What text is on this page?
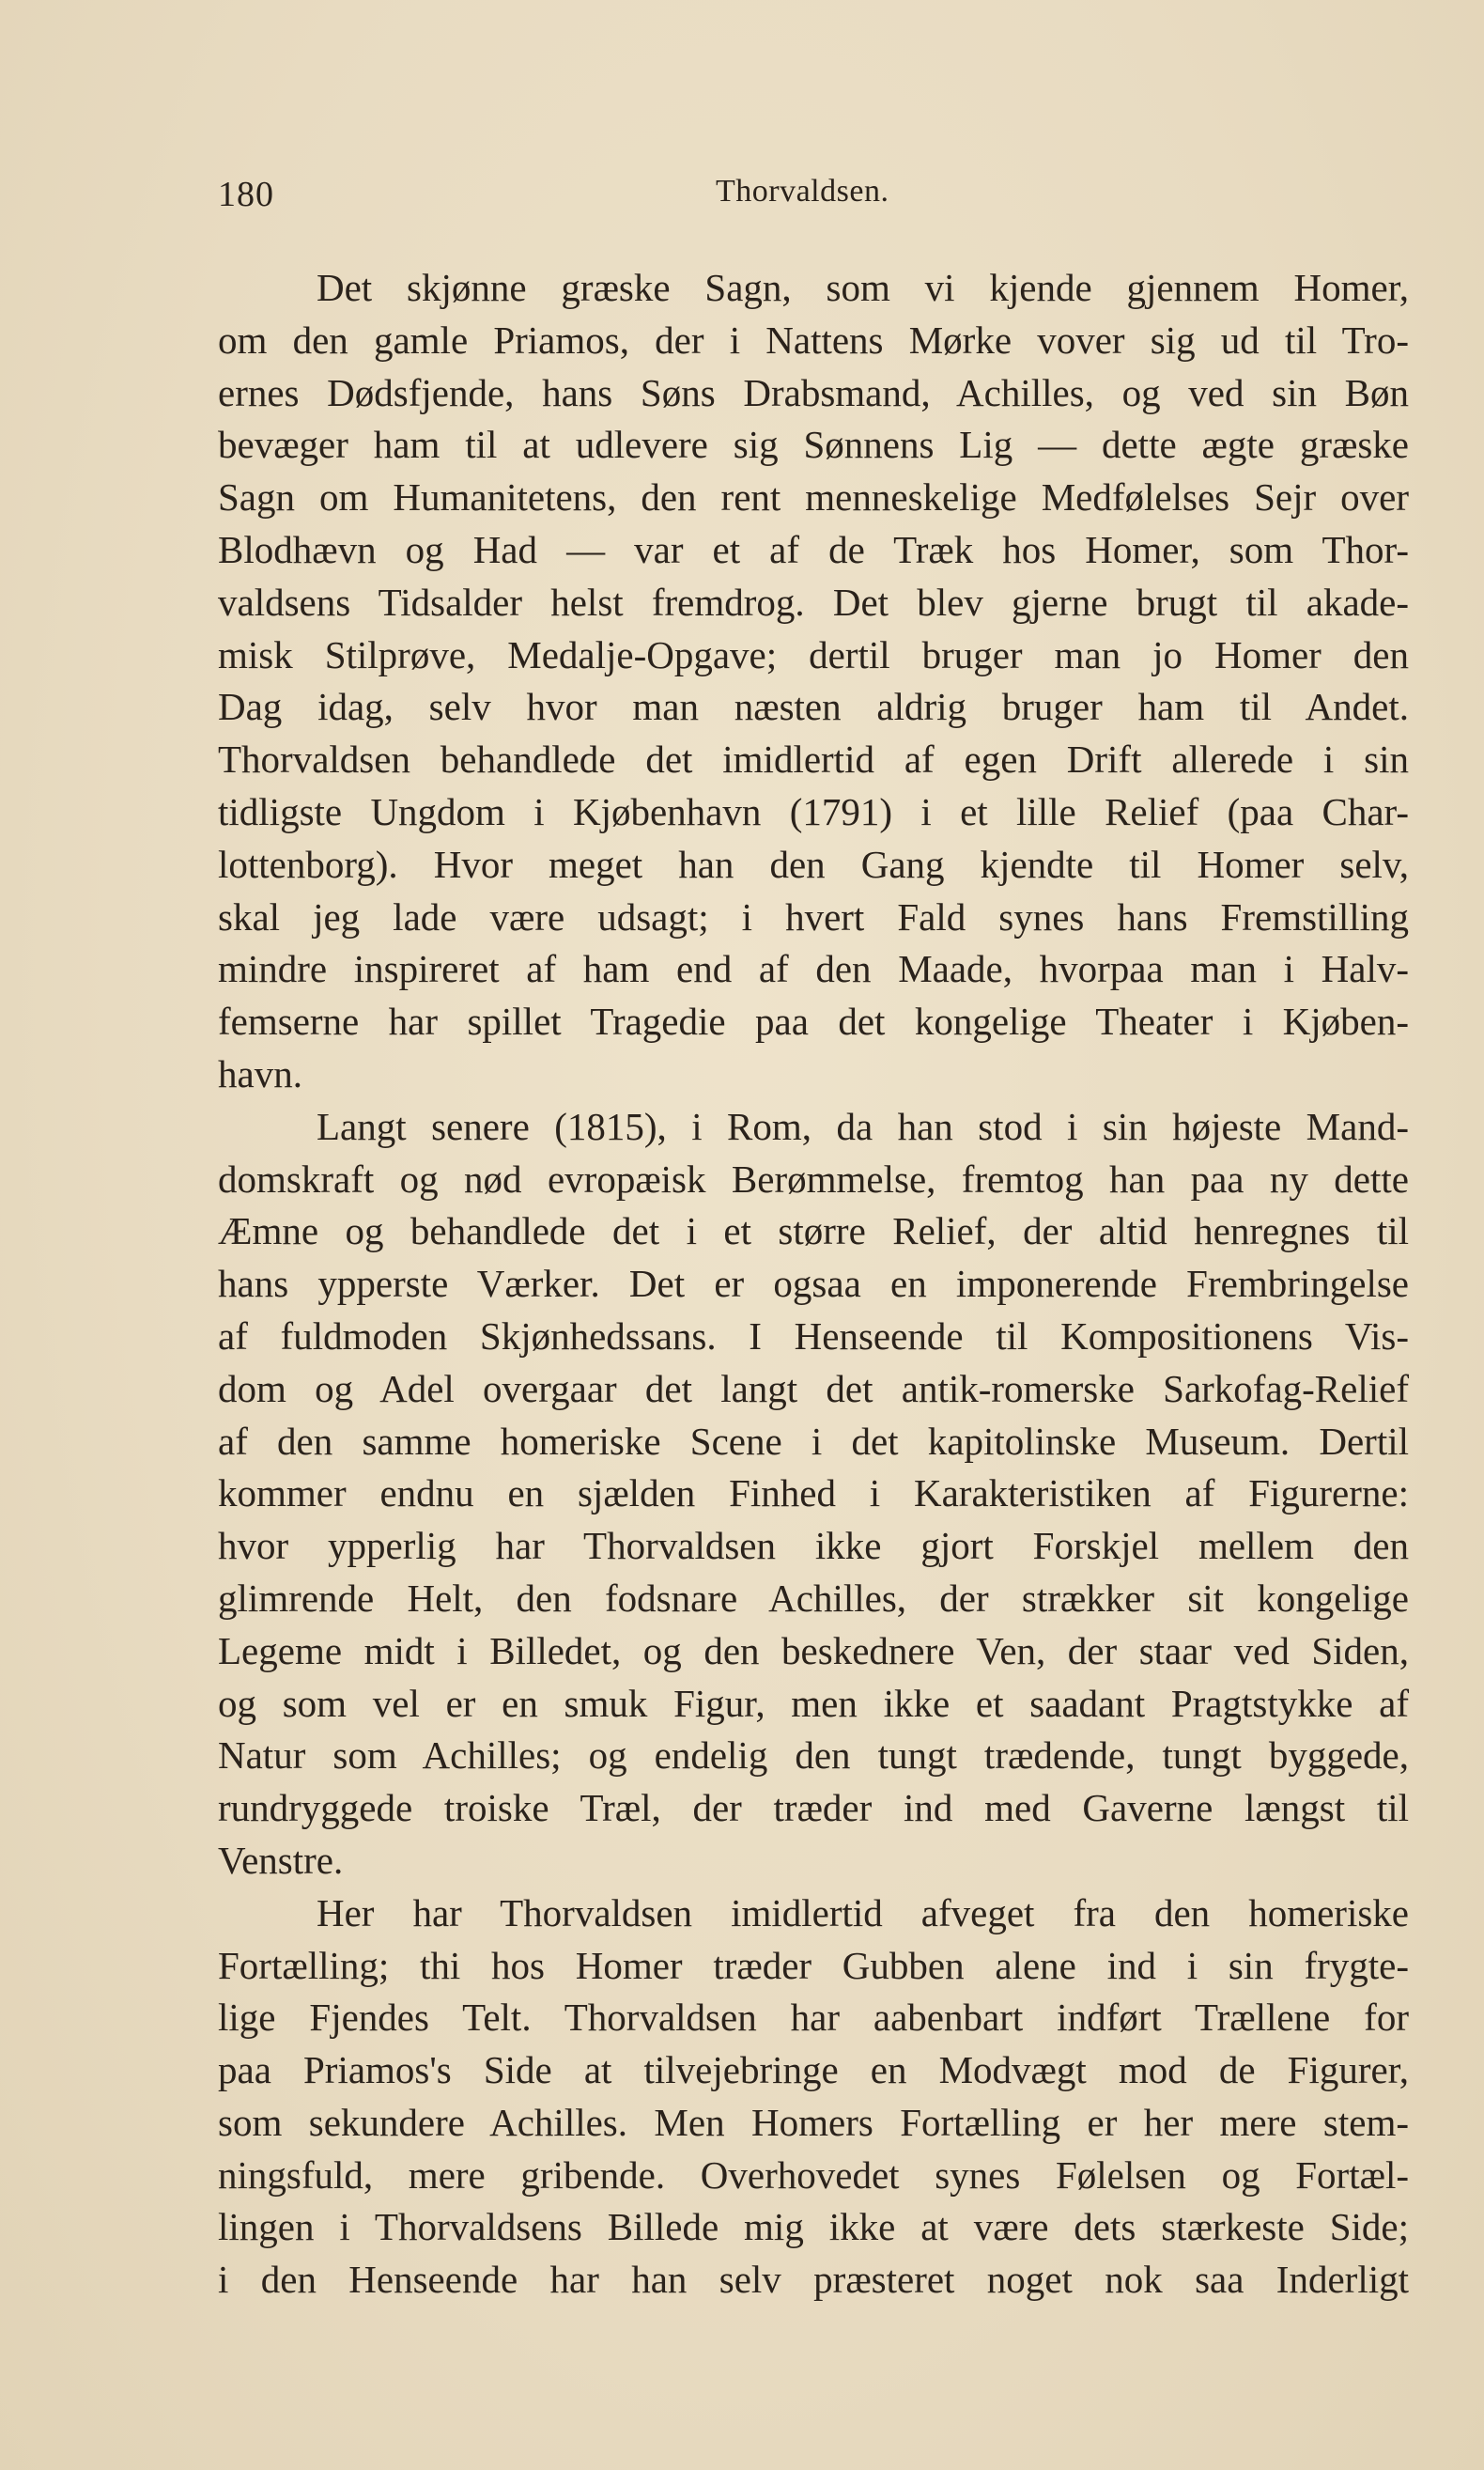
180	Thorvaldsen.
Det skjønne græske Sagn, som vi kjende gjennem Homer,
om den gamle Priamos, der i Nattens Mørke vover sig ud til Tro-
ernes Dødsfjende, hans Søns Drabsmand, Achilles, og ved sin Bøn
bevæger ham til at udlevere sig Sønnens Lig — dette ægte græske
Sagn om Humanitetens, den rent menneskelige Medfølelses Sejr over
Blodhævn og Had — var et af de Træk hos Homer, som Thor-
valdsens Tidsalder helst fremdrog. Det blev gjerne brugt til akade-
misk Stilprøve, Medalje-Opgave; dertil bruger man jo Homer den
Dag idag, selv hvor man næsten aldrig bruger ham til Andet.
Thorvaldsen behandlede det imidlertid af egen Drift allerede i sin
tidligste Ungdom i Kjøbenhavn (1791) i et lille Relief (paa Char-
lottenborg). Hvor meget han den Gang kjendte til Homer selv,
skal jeg lade være udsagt; i hvert Fald synes hans Fremstilling
mindre inspireret af ham end af den Maade, hvorpaa man i Halv-
femserne har spillet Tragedie paa det kongelige Theater i Kjøben-
havn.
Langt senere (1815), i Rom, da han stod i sin højeste Mand-
domskraft og nød evropæisk Berømmelse, fremtog han paa ny dette
Æmne og behandlede det i et større Relief, der altid henregnes til
hans ypperste Værker. Det er ogsaa en imponerende Frembringelse
af fuldmoden Skjønhedssans. I Henseende til Kompositionens Vis-
dom og Adel overgaar det langt det antik-romerske Sarkofag-Relief
af den samme homeriske Scene i det kapitolinske Museum. Dertil
kommer endnu en sjælden Finhed i Karakteristiken af Figurerne:
hvor ypperlig har Thorvaldsen ikke gjort Forskjel mellem den
glimrende Helt, den fodsnare Achilles, der strækker sit kongelige
Legeme midt i Billedet, og den beskednere Ven, der staar ved Siden,
og som vel er en smuk Figur, men ikke et saadant Pragtstykke af
Natur som Achilles; og endelig den tungt trædende, tungt byggede,
rundryggede troiske Træl, der træder ind med Gaverne længst til
Venstre.
Her har Thorvaldsen imidlertid afveget fra den homeriske
Fortælling; thi hos Homer træder Gubben alene ind i sin frygte-
lige Fjendes Telt. Thorvaldsen har aabenbart indført Trællene for
paa Priamos's Side at tilvejebringe en Modvægt mod de Figurer,
som sekundere Achilles. Men Homers Fortælling er her mere stem-
ningsfuld, mere gribende. Overhovedet synes Følelsen og Fortæl-
lingen i Thorvaldsens Billede mig ikke at være dets stærkeste Side;
i den Henseende har han selv præsteret noget nok saa Inderligt
